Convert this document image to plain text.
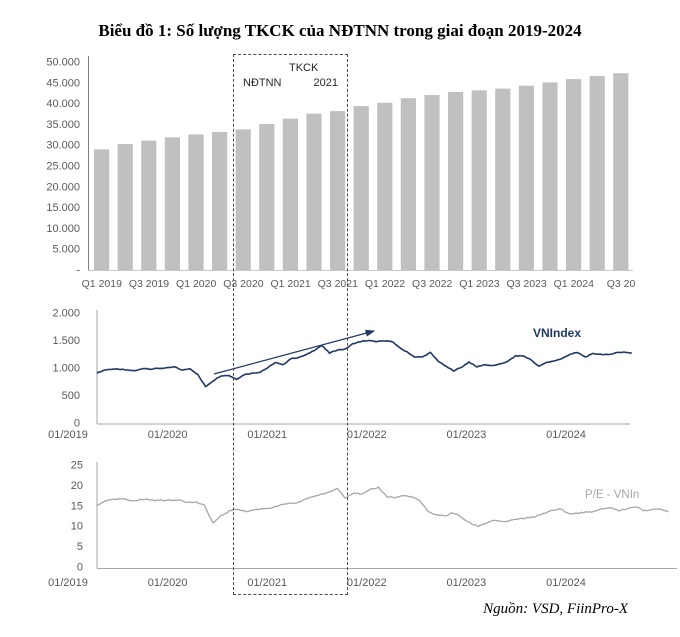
Biểu đồ 1: Số lượng TKCK của NĐTNN trong giai đoạn 2019-2024
50.000
45.000
40.000
35.000
30.000
25.000
20.000
15.000
10.000
5.000
-
Q1 2019 Q3 2019 Q1 2020 Q3 2020 Q1 2021 Q3 2021 Q1 2022 Q3 2022 Q1 2023 Q3 2023 Q1 2024 Q3 20
2.000
1.500
1.000
500
0
01/2019	01/2020	01/2021	01/2022	01/2023	01/2024
25
20
15
10
5
0
01/2019	01/2020	01/2021	01/2022	01/2023	01/2024
TKCK
NĐTNN	2021
VNIndex
P/E - VNIn
Nguồn: VSD, FiinPro-X
